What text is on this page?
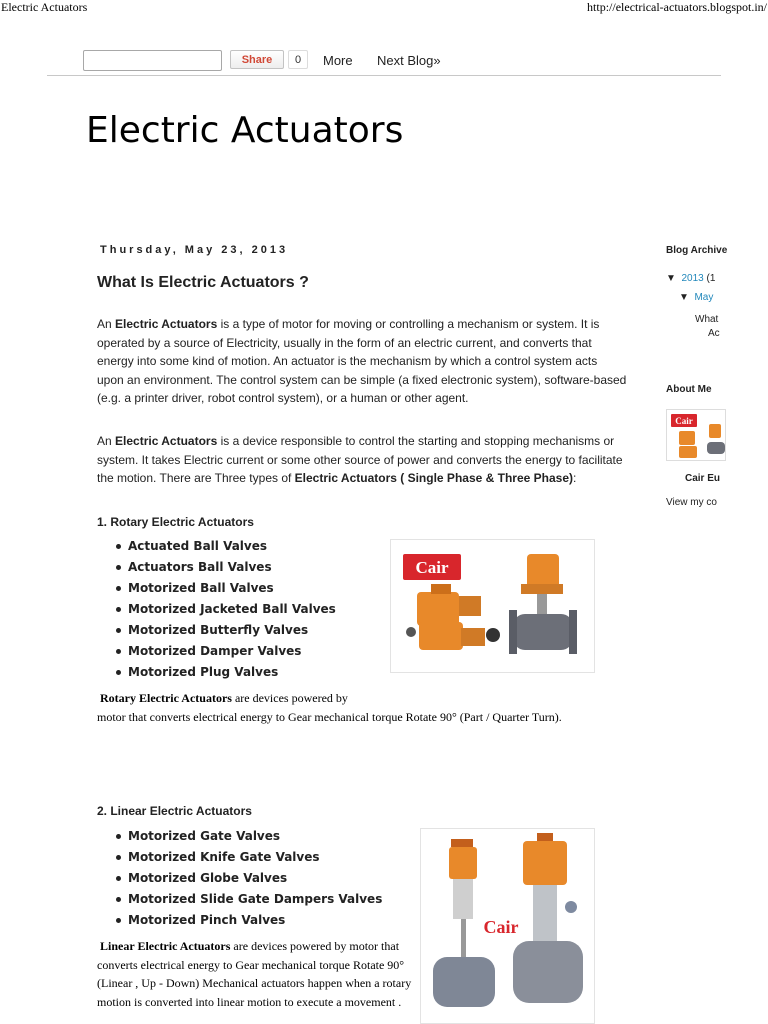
Electric Actuators	http://electrical-actuators.blogspot.in/
Share	0	More Next Blog»
Electric Actuators
Thursday, May 23, 2013
What Is Electric Actuators ?
An Electric Actuators is a type of motor for moving or controlling a mechanism or system. It is operated by a source of Electricity, usually in the form of an electric current, and converts that energy into some kind of motion. An actuator is the mechanism by which a control system acts upon an environment. The control system can be simple (a fixed electronic system), software-based (e.g. a printer driver, robot control system), or a human or other agent.
An Electric Actuators is a device responsible to control the starting and stopping mechanisms or system. It takes Electric current or some other source of power and converts the energy to facilitate the motion. There are Three types of Electric Actuators ( Single Phase & Three Phase):
1. Rotary Electric Actuators
Actuated Ball Valves
Actuators Ball Valves
Motorized Ball Valves
Motorized Jacketed Ball Valves
Motorized Butterfly Valves
Motorized Damper Valves
Motorized Plug Valves
Cair
Rotary Electric Actuators are devices powered by
motor that converts electrical energy to Gear mechanical torque Rotate 90° (Part / Quarter Turn).
2. Linear Electric Actuators
Motorized Gate Valves
Motorized Knife Gate Valves
Motorized Globe Valves
Motorized Slide Gate Dampers Valves
Motorized Pinch Valves
Linear Electric Actuators are devices powered by motor that converts electrical energy to Gear mechanical torque Rotate 90° (Linear , Up - Down) Mechanical actuators happen when a rotary motion is converted into linear motion to execute a movement .
Cair
Blog Archive
▼ 2013 (1
▼ May
What
Ac
About Me
Cair
Cair Eu
View my co
